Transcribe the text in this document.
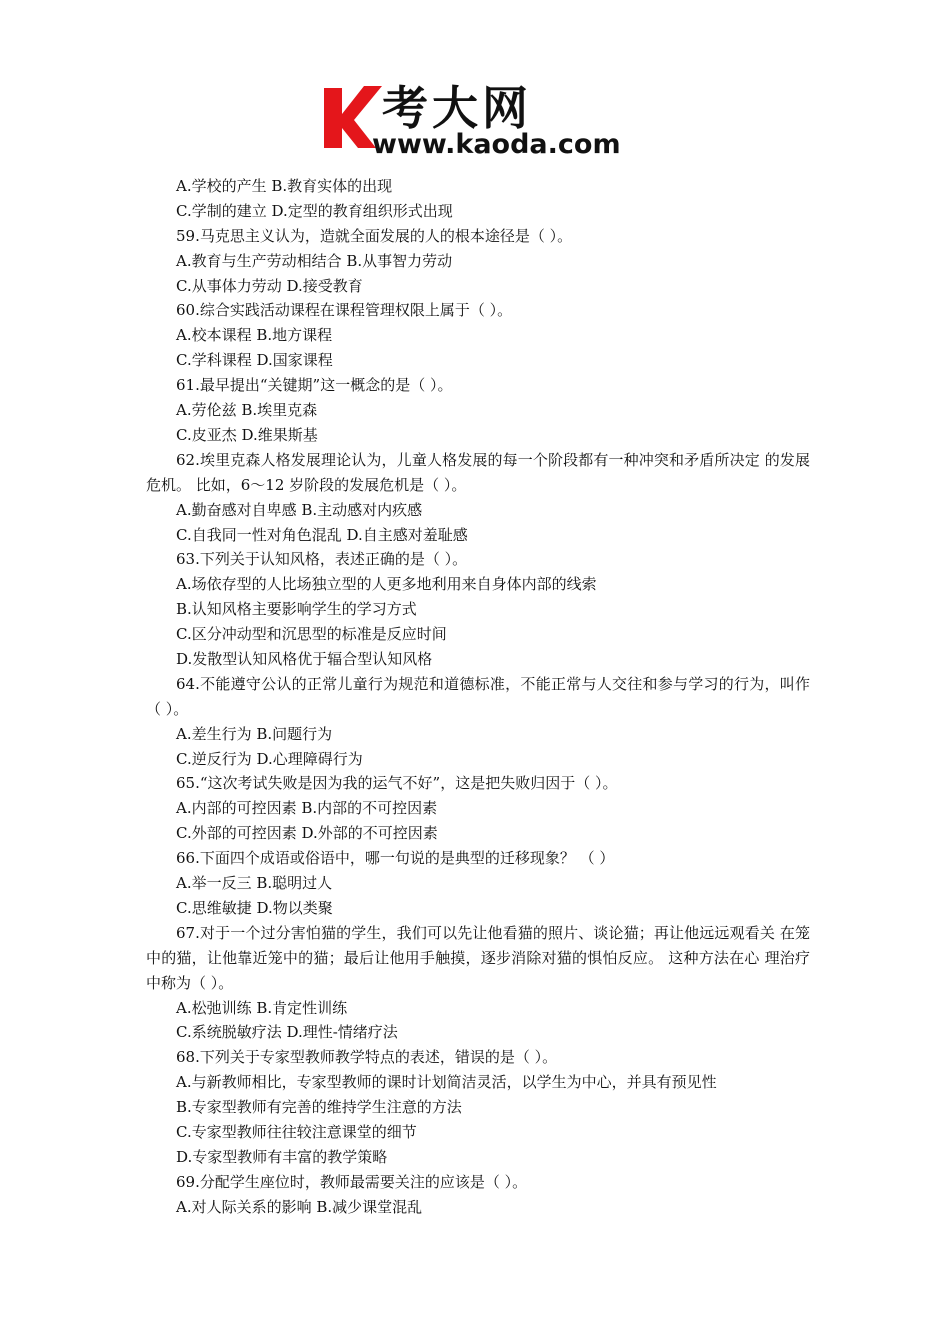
考大网
www.kaoda.com

A.学校的产生 B.教育实体的出现

C.学制的建立 D.定型的教育组织形式出现

59.马克思主义认为，造就全面发展的人的根本途径是（ ）。

A.教育与生产劳动相结合 B.从事智力劳动

C.从事体力劳动 D.接受教育

60.综合实践活动课程在课程管理权限上属于（ ）。

A.校本课程 B.地方课程

C.学科课程 D.国家课程

61.最早提出“关键期”这一概念的是（ ）。

A.劳伦兹 B.埃里克森

C.皮亚杰 D.维果斯基

62.埃里克森人格发展理论认为，儿童人格发展的每一个阶段都有一种冲突和矛盾所决定 的发展危机。 比如，6～12 岁阶段的发展危机是（ ）。

A.勤奋感对自卑感 B.主动感对内疚感

C.自我同一性对角色混乱 D.自主感对羞耻感

63.下列关于认知风格，表述正确的是（ ）。

A.场依存型的人比场独立型的人更多地利用来自身体内部的线索

B.认知风格主要影响学生的学习方式

C.区分冲动型和沉思型的标准是反应时间

D.发散型认知风格优于辐合型认知风格

64.不能遵守公认的正常儿童行为规范和道德标准，不能正常与人交往和参与学习的行为，叫作（ ）。

A.差生行为 B.问题行为

C.逆反行为 D.心理障碍行为

65.“这次考试失败是因为我的运气不好”，这是把失败归因于（ ）。

A.内部的可控因素 B.内部的不可控因素

C.外部的可控因素 D.外部的不可控因素

66.下面四个成语或俗语中，哪一句说的是典型的迁移现象？ （ ）

A.举一反三 B.聪明过人

C.思维敏捷 D.物以类聚

67.对于一个过分害怕猫的学生，我们可以先让他看猫的照片、谈论猫；再让他远远观看关 在笼中的猫，让他靠近笼中的猫；最后让他用手触摸，逐步消除对猫的惧怕反应。 这种方法在心 理治疗中称为（ ）。

A.松弛训练 B.肯定性训练

C.系统脱敏疗法 D.理性-情绪疗法

68.下列关于专家型教师教学特点的表述，错误的是（ ）。

A.与新教师相比，专家型教师的课时计划简洁灵活，以学生为中心，并具有预见性

B.专家型教师有完善的维持学生注意的方法

C.专家型教师往往较注意课堂的细节

D.专家型教师有丰富的教学策略

69.分配学生座位时，教师最需要关注的应该是（ ）。

A.对人际关系的影响 B.减少课堂混乱
